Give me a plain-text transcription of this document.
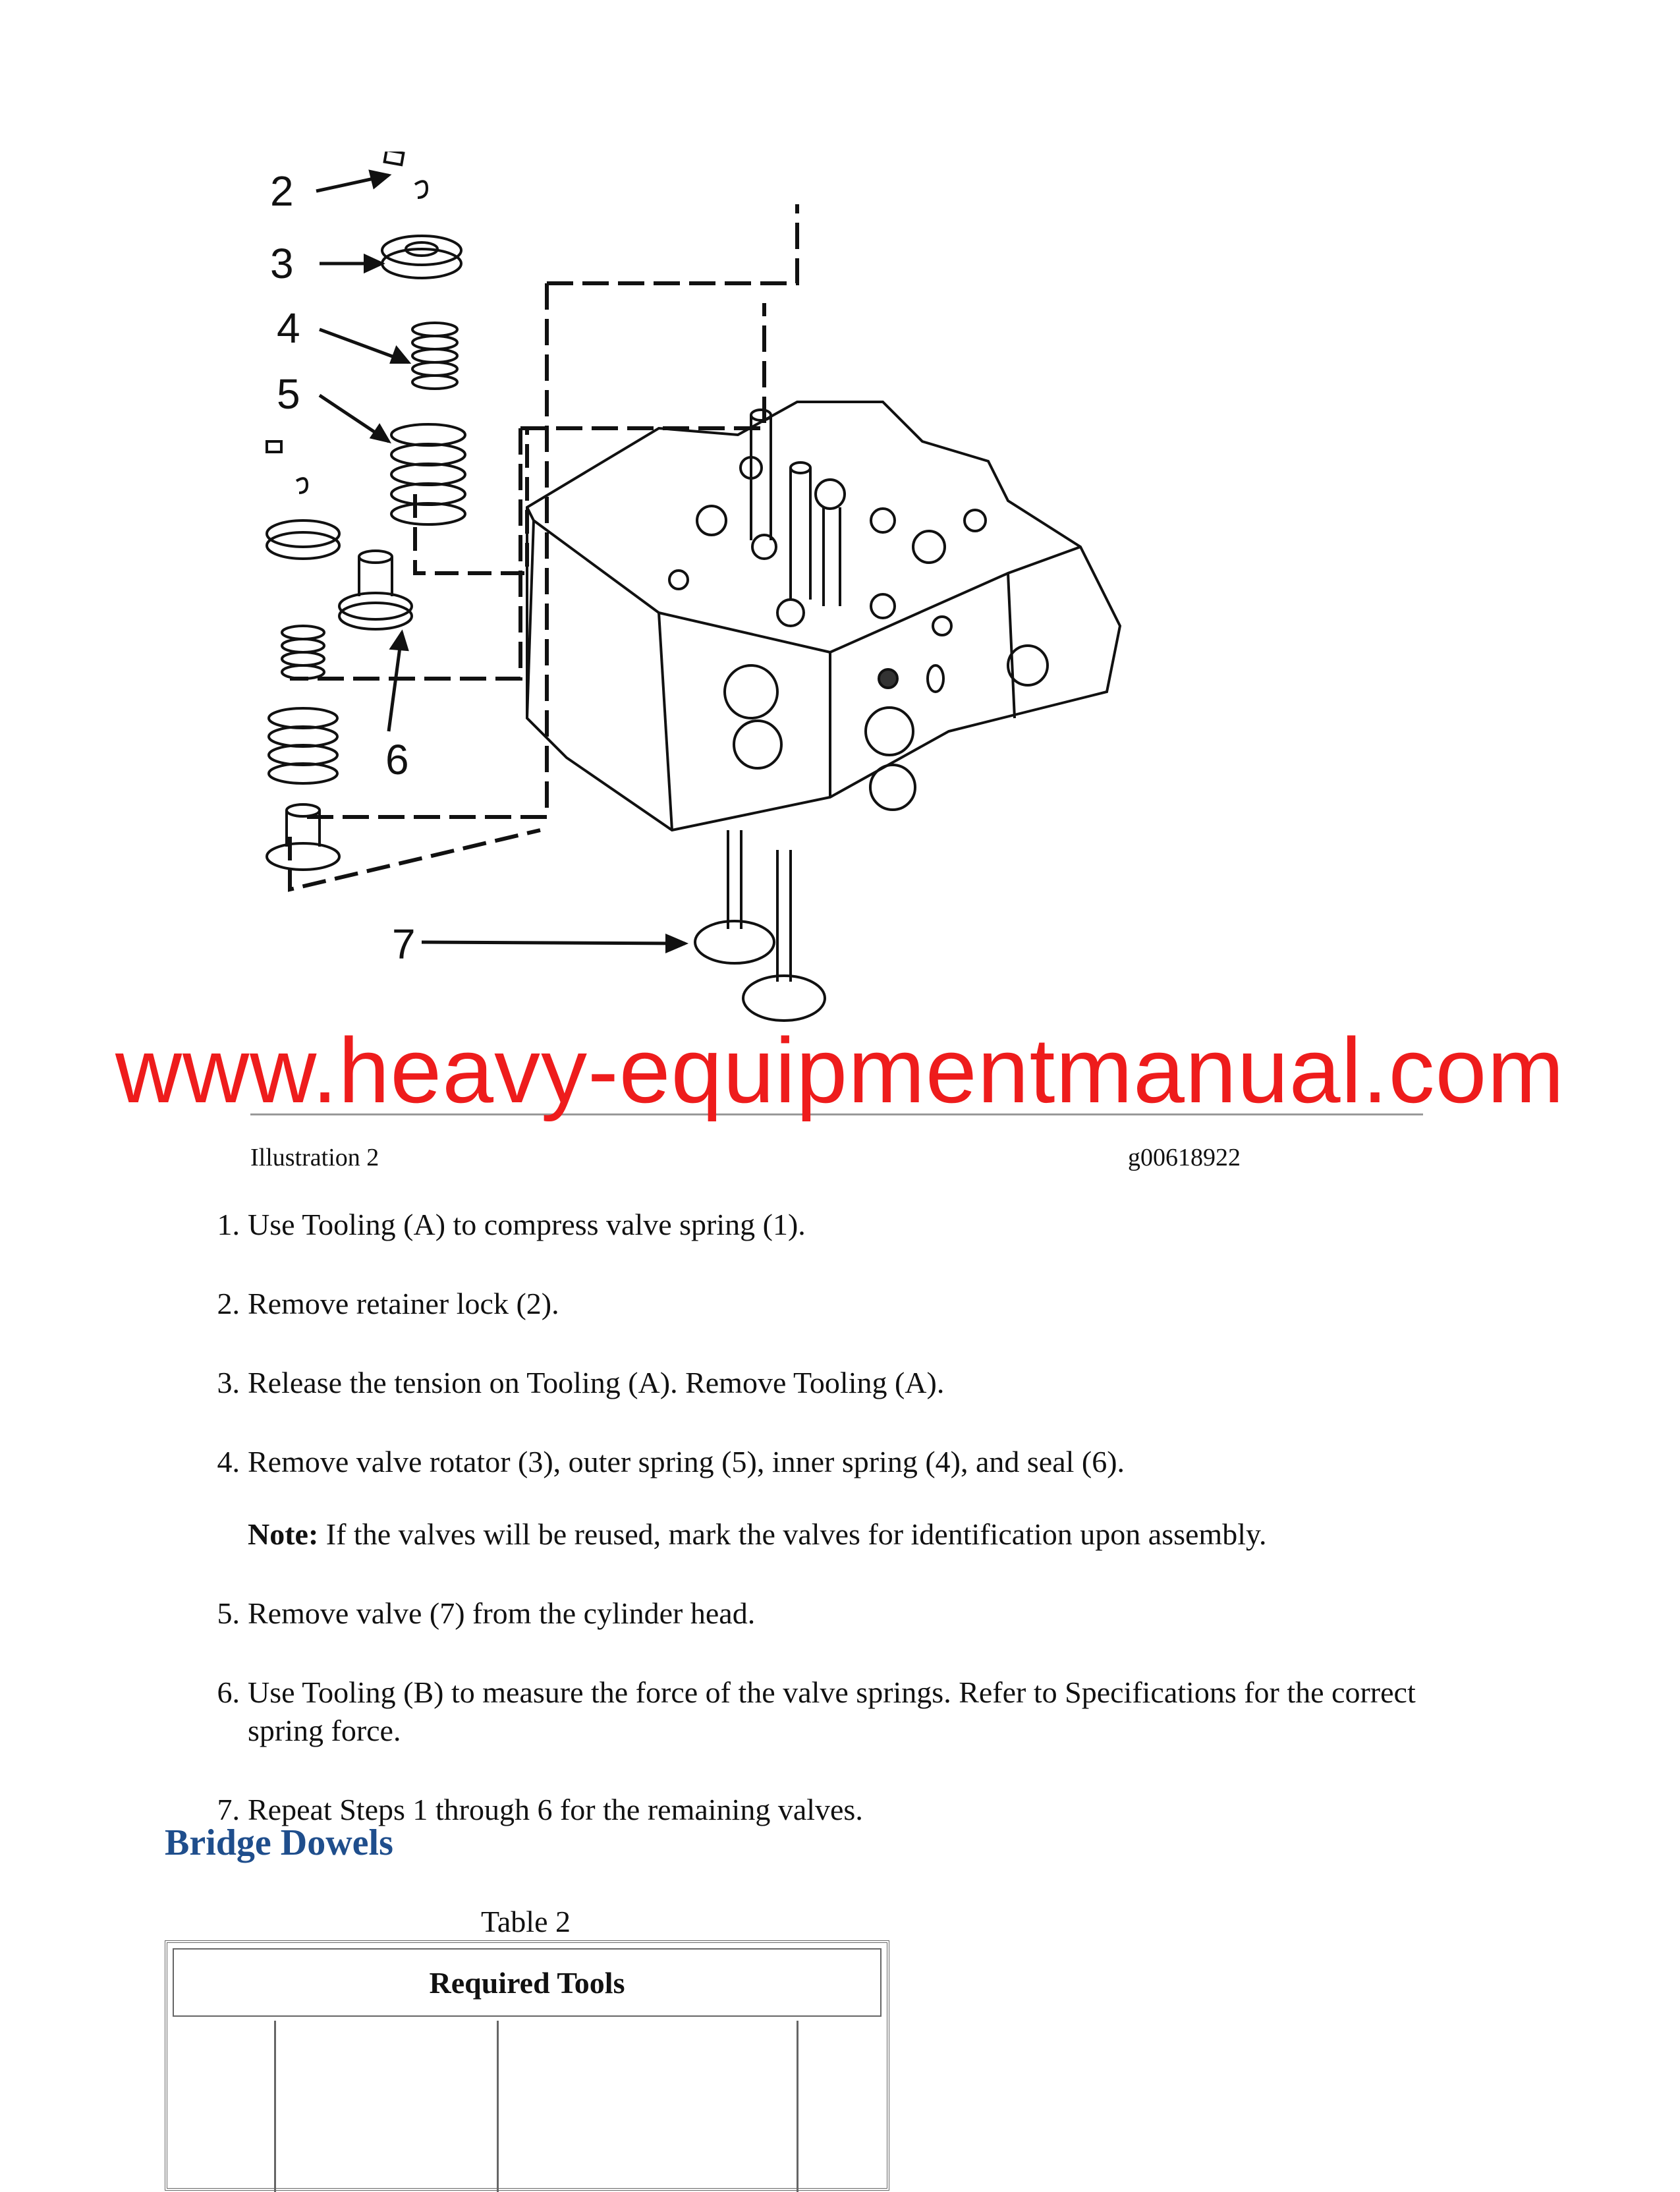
2
3
4
5
6
7
www.heavy-equipmentmanual.com
Illustration 2	g00618922
1. Use Tooling (A) to compress valve spring (1).
2. Remove retainer lock (2).
3. Release the tension on Tooling (A). Remove Tooling (A).
4. Remove valve rotator (3), outer spring (5), inner spring (4), and seal (6).
Note: If the valves will be reused, mark the valves for identification upon assembly.
5. Remove valve (7) from the cylinder head.
6. Use Tooling (B) to measure the force of the valve springs. Refer to Specifications for the correct spring force.
7. Repeat Steps 1 through 6 for the remaining valves.
Bridge Dowels
Table 2
Required Tools
